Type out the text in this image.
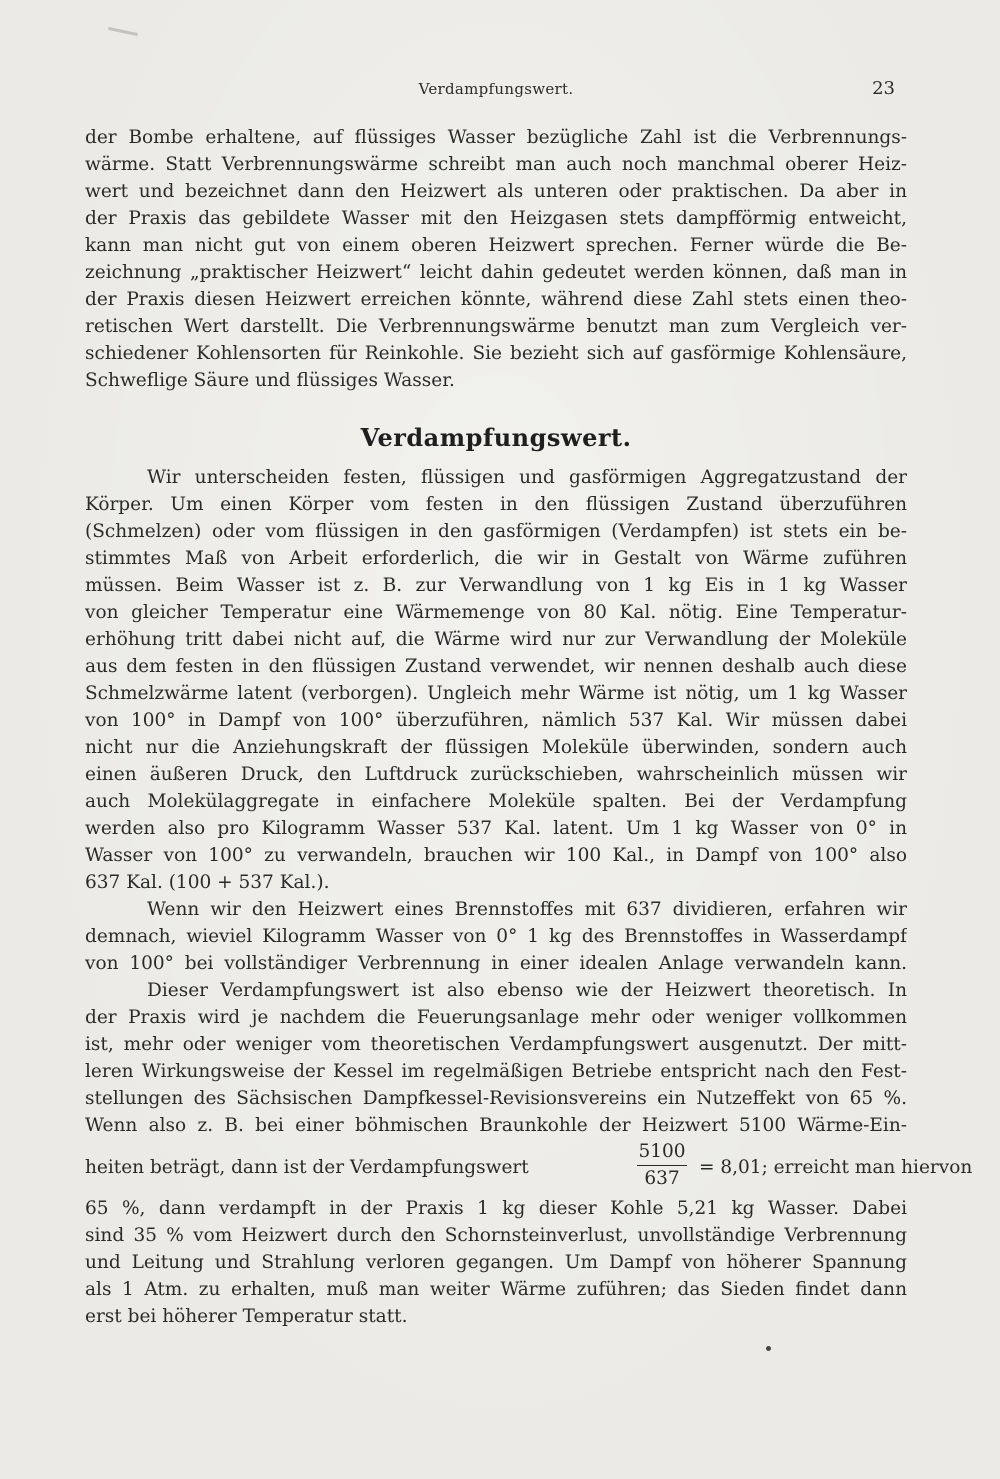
Verdampfungswert.	23
der Bombe erhaltene, auf flüssiges Wasser bezügliche Zahl ist die Verbrennungs-
wärme. Statt Verbrennungswärme schreibt man auch noch manchmal oberer Heiz-
wert und bezeichnet dann den Heizwert als unteren oder praktischen. Da aber in
der Praxis das gebildete Wasser mit den Heizgasen stets dampfförmig entweicht,
kann man nicht gut von einem oberen Heizwert sprechen. Ferner würde die Be-
zeichnung „praktischer Heizwert“ leicht dahin gedeutet werden können, daß man in
der Praxis diesen Heizwert erreichen könnte, während diese Zahl stets einen theo-
retischen Wert darstellt. Die Verbrennungswärme benutzt man zum Vergleich ver-
schiedener Kohlensorten für Reinkohle. Sie bezieht sich auf gasförmige Kohlensäure,
Schweflige Säure und flüssiges Wasser.
Verdampfungswert.
Wir unterscheiden festen, flüssigen und gasförmigen Aggregatzustand der
Körper. Um einen Körper vom festen in den flüssigen Zustand überzuführen
(Schmelzen) oder vom flüssigen in den gasförmigen (Verdampfen) ist stets ein be-
stimmtes Maß von Arbeit erforderlich, die wir in Gestalt von Wärme zuführen
müssen. Beim Wasser ist z. B. zur Verwandlung von 1 kg Eis in 1 kg Wasser
von gleicher Temperatur eine Wärmemenge von 80 Kal. nötig. Eine Temperatur-
erhöhung tritt dabei nicht auf, die Wärme wird nur zur Verwandlung der Moleküle
aus dem festen in den flüssigen Zustand verwendet, wir nennen deshalb auch diese
Schmelzwärme latent (verborgen). Ungleich mehr Wärme ist nötig, um 1 kg Wasser
von 100° in Dampf von 100° überzuführen, nämlich 537 Kal. Wir müssen dabei
nicht nur die Anziehungskraft der flüssigen Moleküle überwinden, sondern auch
einen äußeren Druck, den Luftdruck zurückschieben, wahrscheinlich müssen wir
auch Molekülaggregate in einfachere Moleküle spalten. Bei der Verdampfung
werden also pro Kilogramm Wasser 537 Kal. latent. Um 1 kg Wasser von 0° in
Wasser von 100° zu verwandeln, brauchen wir 100 Kal., in Dampf von 100° also
637 Kal. (100 + 537 Kal.).
Wenn wir den Heizwert eines Brennstoffes mit 637 dividieren, erfahren wir
demnach, wieviel Kilogramm Wasser von 0° 1 kg des Brennstoffes in Wasserdampf
von 100° bei vollständiger Verbrennung in einer idealen Anlage verwandeln kann.
Dieser Verdampfungswert ist also ebenso wie der Heizwert theoretisch. In
der Praxis wird je nachdem die Feuerungsanlage mehr oder weniger vollkommen
ist, mehr oder weniger vom theoretischen Verdampfungswert ausgenutzt. Der mitt-
leren Wirkungsweise der Kessel im regelmäßigen Betriebe entspricht nach den Fest-
stellungen des Sächsischen Dampfkessel-Revisionsvereins ein Nutzeffekt von 65 %.
Wenn also z. B. bei einer böhmischen Braunkohle der Heizwert 5100 Wärme-Ein-
heiten beträgt, dann ist der Verdampfungswert	$\frac{5100}{637} = 8,01$; erreicht man hiervon
65 %, dann verdampft in der Praxis 1 kg dieser Kohle 5,21 kg Wasser. Dabei
sind 35 % vom Heizwert durch den Schornsteinverlust, unvollständige Verbrennung
und Leitung und Strahlung verloren gegangen. Um Dampf von höherer Spannung
als 1 Atm. zu erhalten, muß man weiter Wärme zuführen; das Sieden findet dann
erst bei höherer Temperatur statt.
